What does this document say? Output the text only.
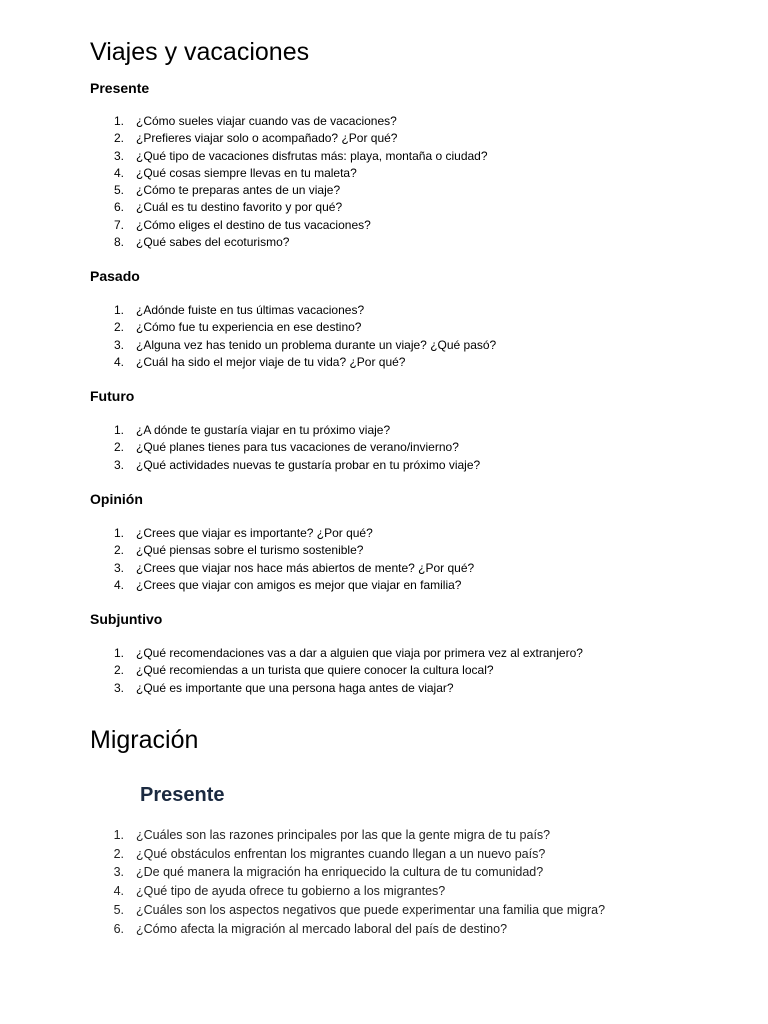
Viajes y vacaciones
Presente
1. ¿Cómo sueles viajar cuando vas de vacaciones?
2. ¿Prefieres viajar solo o acompañado? ¿Por qué?
3. ¿Qué tipo de vacaciones disfrutas más: playa, montaña o ciudad?
4. ¿Qué cosas siempre llevas en tu maleta?
5. ¿Cómo te preparas antes de un viaje?
6. ¿Cuál es tu destino favorito y por qué?
7. ¿Cómo eliges el destino de tus vacaciones?
8. ¿Qué sabes del ecoturismo?
Pasado
1. ¿Adónde fuiste en tus últimas vacaciones?
2. ¿Cómo fue tu experiencia en ese destino?
3. ¿Alguna vez has tenido un problema durante un viaje? ¿Qué pasó?
4. ¿Cuál ha sido el mejor viaje de tu vida? ¿Por qué?
Futuro
1. ¿A dónde te gustaría viajar en tu próximo viaje?
2. ¿Qué planes tienes para tus vacaciones de verano/invierno?
3. ¿Qué actividades nuevas te gustaría probar en tu próximo viaje?
Opinión
1. ¿Crees que viajar es importante? ¿Por qué?
2. ¿Qué piensas sobre el turismo sostenible?
3. ¿Crees que viajar nos hace más abiertos de mente? ¿Por qué?
4. ¿Crees que viajar con amigos es mejor que viajar en familia?
Subjuntivo
1. ¿Qué recomendaciones vas a dar a alguien que viaja por primera vez al extranjero?
2. ¿Qué recomiendas a un turista que quiere conocer la cultura local?
3. ¿Qué es importante que una persona haga antes de viajar?
Migración
Presente
1. ¿Cuáles son las razones principales por las que la gente migra de tu país?
2. ¿Qué obstáculos enfrentan los migrantes cuando llegan a un nuevo país?
3. ¿De qué manera la migración ha enriquecido la cultura de tu comunidad?
4. ¿Qué tipo de ayuda ofrece tu gobierno a los migrantes?
5. ¿Cuáles son los aspectos negativos que puede experimentar una familia que migra?
6. ¿Cómo afecta la migración al mercado laboral del país de destino?
